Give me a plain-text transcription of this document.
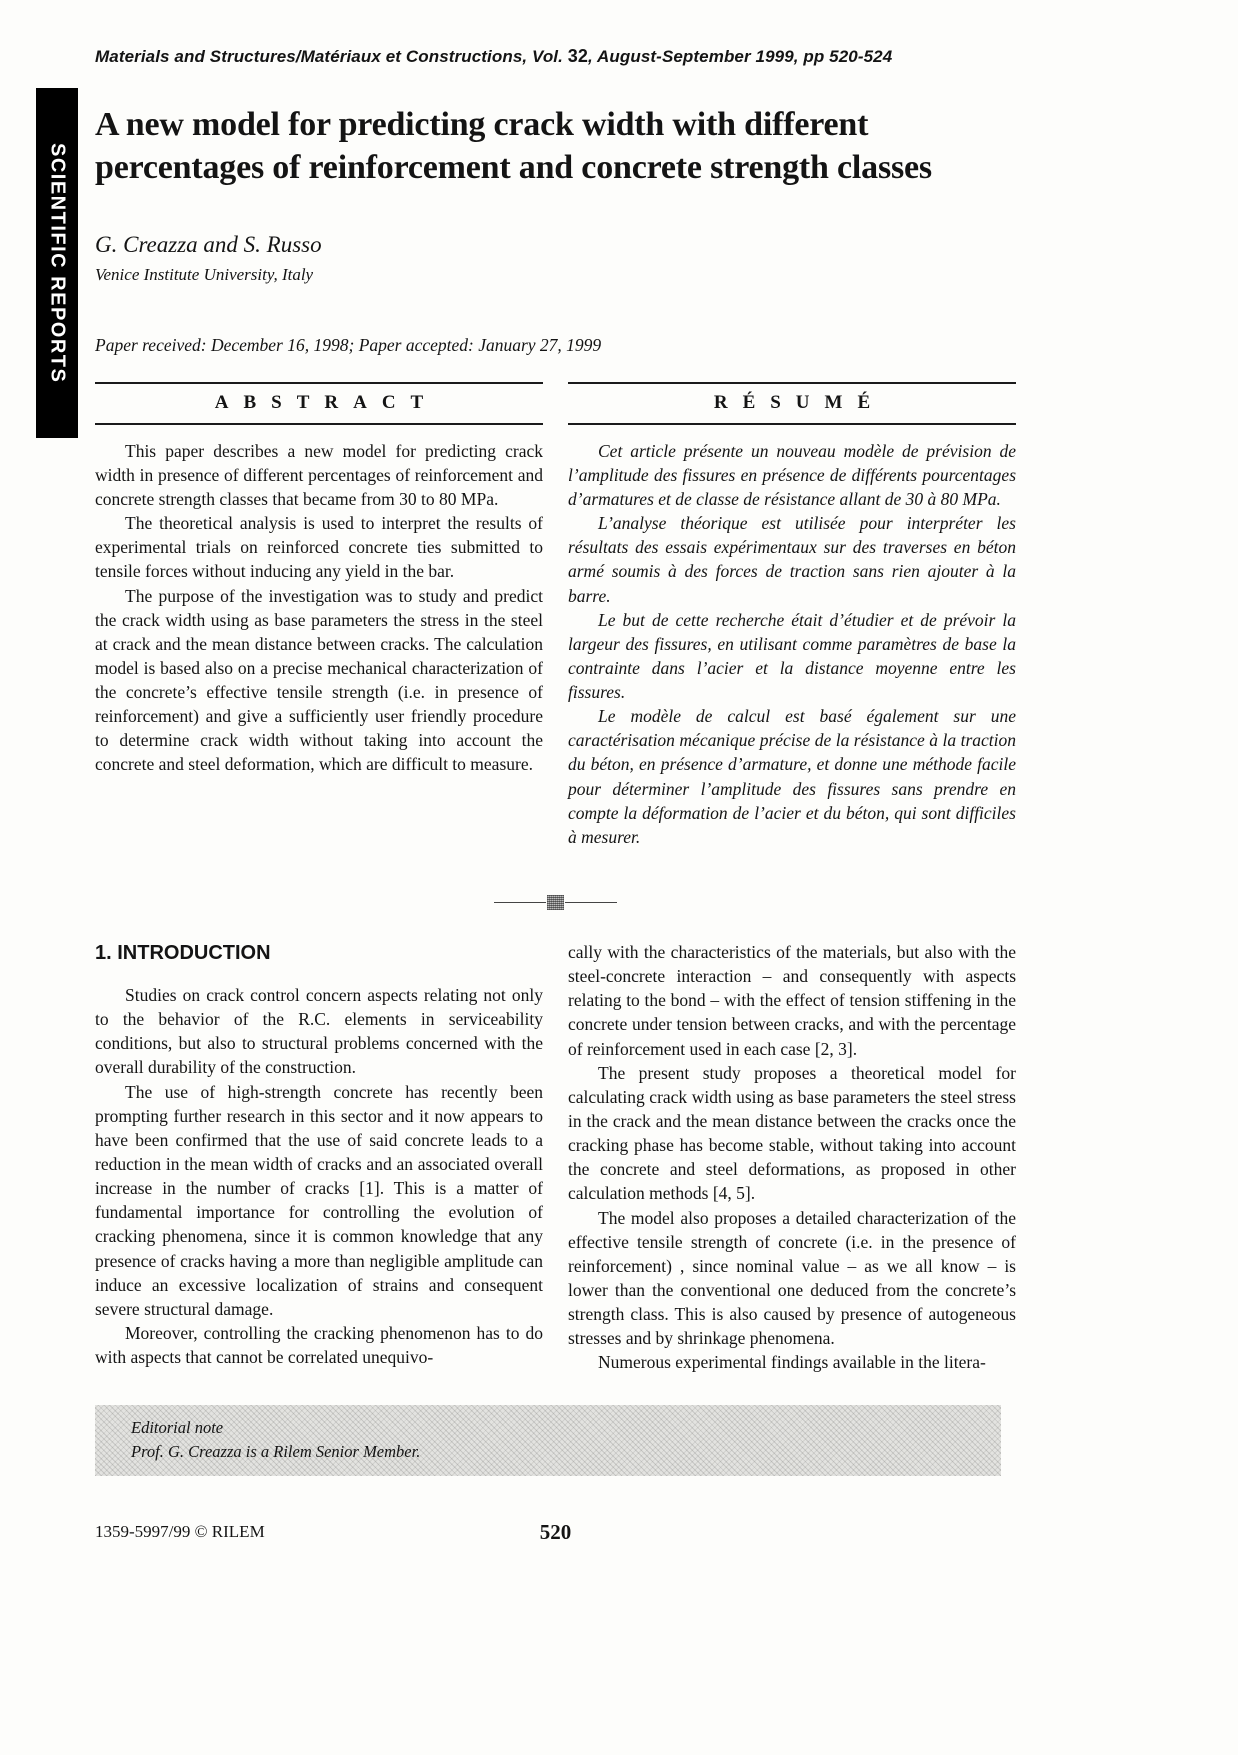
Materials and Structures/Matériaux et Constructions, Vol. 32, August-September 1999, pp 520-524
SCIENTIFIC REPORTS
A new model for predicting crack width with different percentages of reinforcement and concrete strength classes
G. Creazza and S. Russo
Venice Institute University, Italy
Paper received: December 16, 1998; Paper accepted: January 27, 1999
ABSTRACT

This paper describes a new model for predicting crack width in presence of different percentages of reinforcement and concrete strength classes that became from 30 to 80 MPa.

The theoretical analysis is used to interpret the results of experimental trials on reinforced concrete ties submitted to tensile forces without inducing any yield in the bar.

The purpose of the investigation was to study and predict the crack width using as base parameters the stress in the steel at crack and the mean distance between cracks. The calculation model is based also on a precise mechanical characterization of the concrete’s effective tensile strength (i.e. in presence of reinforcement) and give a sufficiently user friendly procedure to determine crack width without taking into account the concrete and steel deformation, which are difficult to measure.

RÉSUMÉ

Cet article présente un nouveau modèle de prévision de l’amplitude des fissures en présence de différents pourcentages d’armatures et de classe de résistance allant de 30 à 80 MPa.

L’analyse théorique est utilisée pour interpréter les résultats des essais expérimentaux sur des traverses en béton armé soumis à des forces de traction sans rien ajouter à la barre.

Le but de cette recherche était d’étudier et de prévoir la largeur des fissures, en utilisant comme paramètres de base la contrainte dans l’acier et la distance moyenne entre les fissures.

Le modèle de calcul est basé également sur une caractérisation mécanique précise de la résistance à la traction du béton, en présence d’armature, et donne une méthode facile pour déterminer l’amplitude des fissures sans prendre en compte la déformation de l’acier et du béton, qui sont difficiles à mesurer.

1. INTRODUCTION

Studies on crack control concern aspects relating not only to the behavior of the R.C. elements in serviceability conditions, but also to structural problems concerned with the overall durability of the construction.

The use of high-strength concrete has recently been prompting further research in this sector and it now appears to have been confirmed that the use of said concrete leads to a reduction in the mean width of cracks and an associated overall increase in the number of cracks [1]. This is a matter of fundamental importance for controlling the evolution of cracking phenomena, since it is common knowledge that any presence of cracks having a more than negligible amplitude can induce an excessive localization of strains and consequent severe structural damage.

Moreover, controlling the cracking phenomenon has to do with aspects that cannot be correlated unequivo-

cally with the characteristics of the materials, but also with the steel-concrete interaction – and consequently with aspects relating to the bond – with the effect of tension stiffening in the concrete under tension between cracks, and with the percentage of reinforcement used in each case [2, 3].

The present study proposes a theoretical model for calculating crack width using as base parameters the steel stress in the crack and the mean distance between the cracks once the cracking phase has become stable, without taking into account the concrete and steel deformations, as proposed in other calculation methods [4, 5].

The model also proposes a detailed characterization of the effective tensile strength of concrete (i.e. in the presence of reinforcement) , since nominal value – as we all know – is lower than the conventional one deduced from the concrete’s strength class. This is also caused by presence of autogeneous stresses and by shrinkage phenomena.

Numerous experimental findings available in the litera-

Editorial note
Prof. G. Creazza is a Rilem Senior Member.
1359-5997/99 © RILEM	520
